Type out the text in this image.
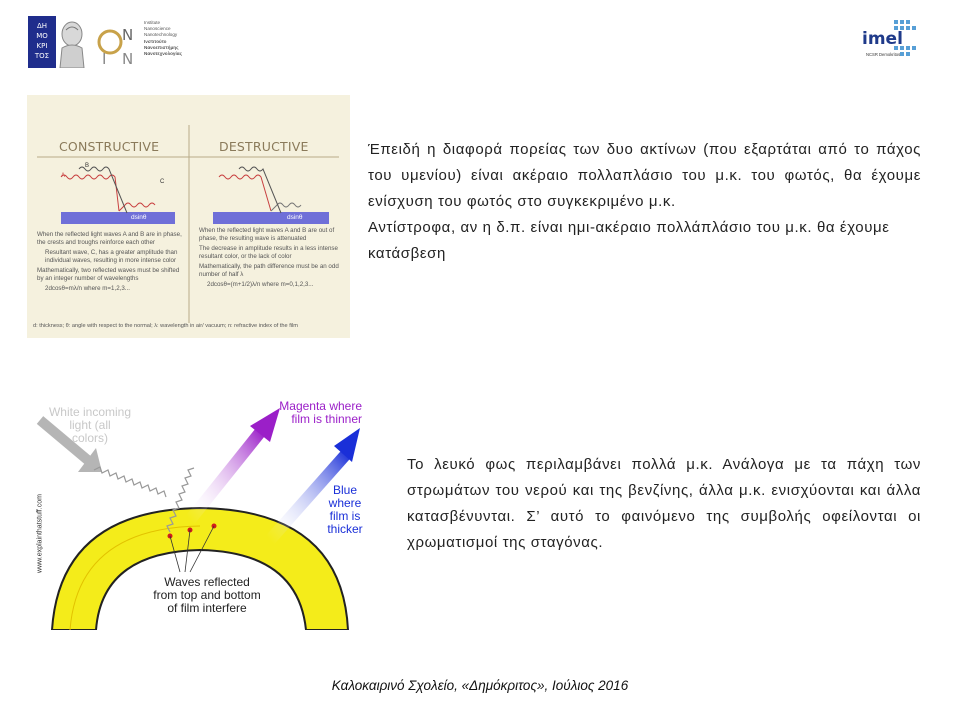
ΔΗ
ΜΟ
ΚΡΙ
ΤΟΣ
N
I N
Institute
Nanoscience
Nanotechnology
Ινστιτούτο
Νανοεπιστήμης
Νανοτεχνολογίας
imel
NCSR Demokritos
CONSTRUCTIVE	DESTRUCTIVE
A
B
C
dsinθ	dsinθ

When the reflected light waves A and B are in phase, the crests and troughs reinforce each other

Resultant wave, C, has a greater amplitude than individual waves, resulting in more intense color

Mathematically, two reflected waves must be shifted by an integer number of wavelengths

2dcosθ=mλ/n where m=1,2,3...

When the reflected light waves A and B are out of phase, the resulting wave is attenuated

The decrease in amplitude results in a less intense resultant color, or the lack of color

Mathematically, the path difference must be an odd number of half λ

2dcosθ=(m+1/2)λ/n where m=0,1,2,3...

d: thickness; θ: angle with respect to the normal; λ: wavelength in air/ vacuum; n: refractive index of the film

Έπειδή η διαφορά πορείας των δυο ακτίνων (που εξαρτάται από το πάχος του υμενίου) είναι ακέραιο πολλαπλάσιο του μ.κ. του φωτός, θα έχουμε ενίσχυση του φωτός στο συγκεκριμένο μ.κ.

Αντίστροφα, αν η δ.π. είναι ημι-ακέραιο πολλάπλάσιο του μ.κ. θα έχουμε κατάσβεση

White incoming
light (all
colors)
Magenta where
film is thinner
Blue
where
film is
thicker
Waves reflected
from top and bottom
of film interfere
www.explainthatstuff.com
Το λευκό φως περιλαμβάνει πολλά μ.κ. Ανάλογα με τα πάχη των στρωμάτων του νερού και της βενζίνης, άλλα μ.κ. ενισχύονται και άλλα κατασβένυνται. Σ’ αυτό το φαινόμενο της συμβολής οφείλονται οι χρωματισμοί της σταγόνας.
Καλοκαιρινό Σχολείο, «Δημόκριτος», Ιούλιος 2016
